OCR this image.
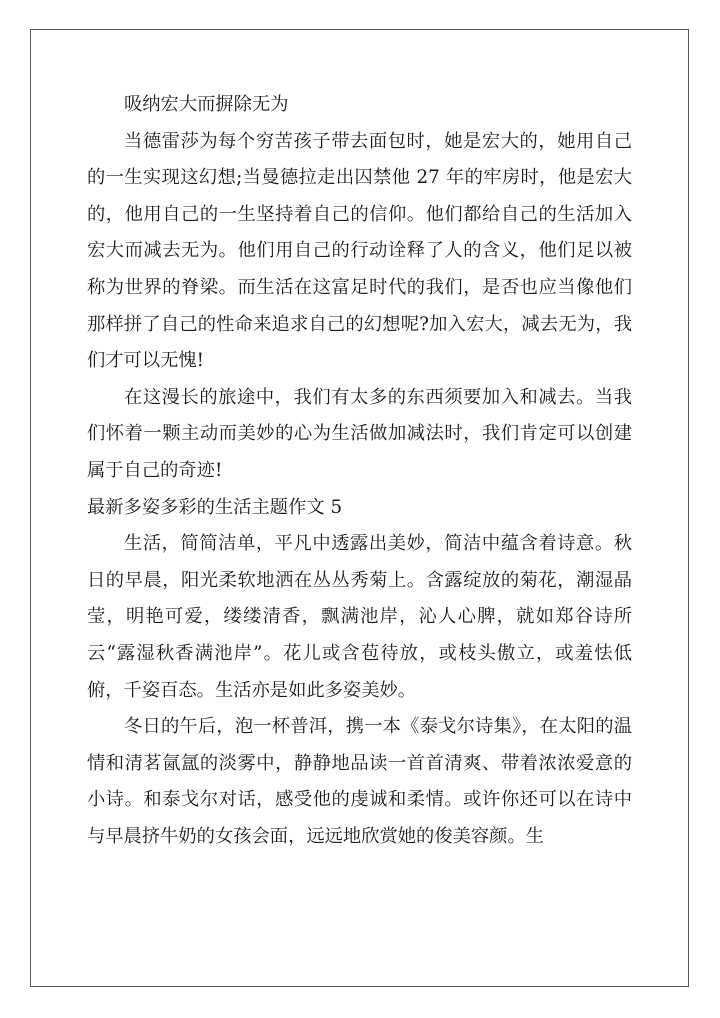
吸纳宏大而摒除无为

当德雷莎为每个穷苦孩子带去面包时，她是宏大的，她用自己的一生实现这幻想;当曼德拉走出囚禁他 27 年的牢房时，他是宏大的，他用自己的一生坚持着自己的信仰。他们都给自己的生活加入宏大而减去无为。他们用自己的行动诠释了人的含义，他们足以被称为世界的脊梁。而生活在这富足时代的我们，是否也应当像他们那样拼了自己的性命来追求自己的幻想呢?加入宏大，减去无为，我们才可以无愧!

在这漫长的旅途中，我们有太多的东西须要加入和减去。当我们怀着一颗主动而美妙的心为生活做加减法时，我们肯定可以创建属于自己的奇迹!

最新多姿多彩的生活主题作文 5

生活，简简洁单，平凡中透露出美妙，简洁中蕴含着诗意。秋日的早晨，阳光柔软地洒在丛丛秀菊上。含露绽放的菊花，潮湿晶莹，明艳可爱，缕缕清香，飘满池岸，沁人心脾，就如郑谷诗所云“露湿秋香满池岸”。花儿或含苞待放，或枝头傲立，或羞怯低俯，千姿百态。生活亦是如此多姿美妙。

冬日的午后，泡一杯普洱，携一本《泰戈尔诗集》，在太阳的温情和清茗氤氲的淡雾中，静静地品读一首首清爽、带着浓浓爱意的小诗。和泰戈尔对话，感受他的虔诚和柔情。或许你还可以在诗中与早晨挤牛奶的女孩会面，远远地欣赏她的俊美容颜。生
